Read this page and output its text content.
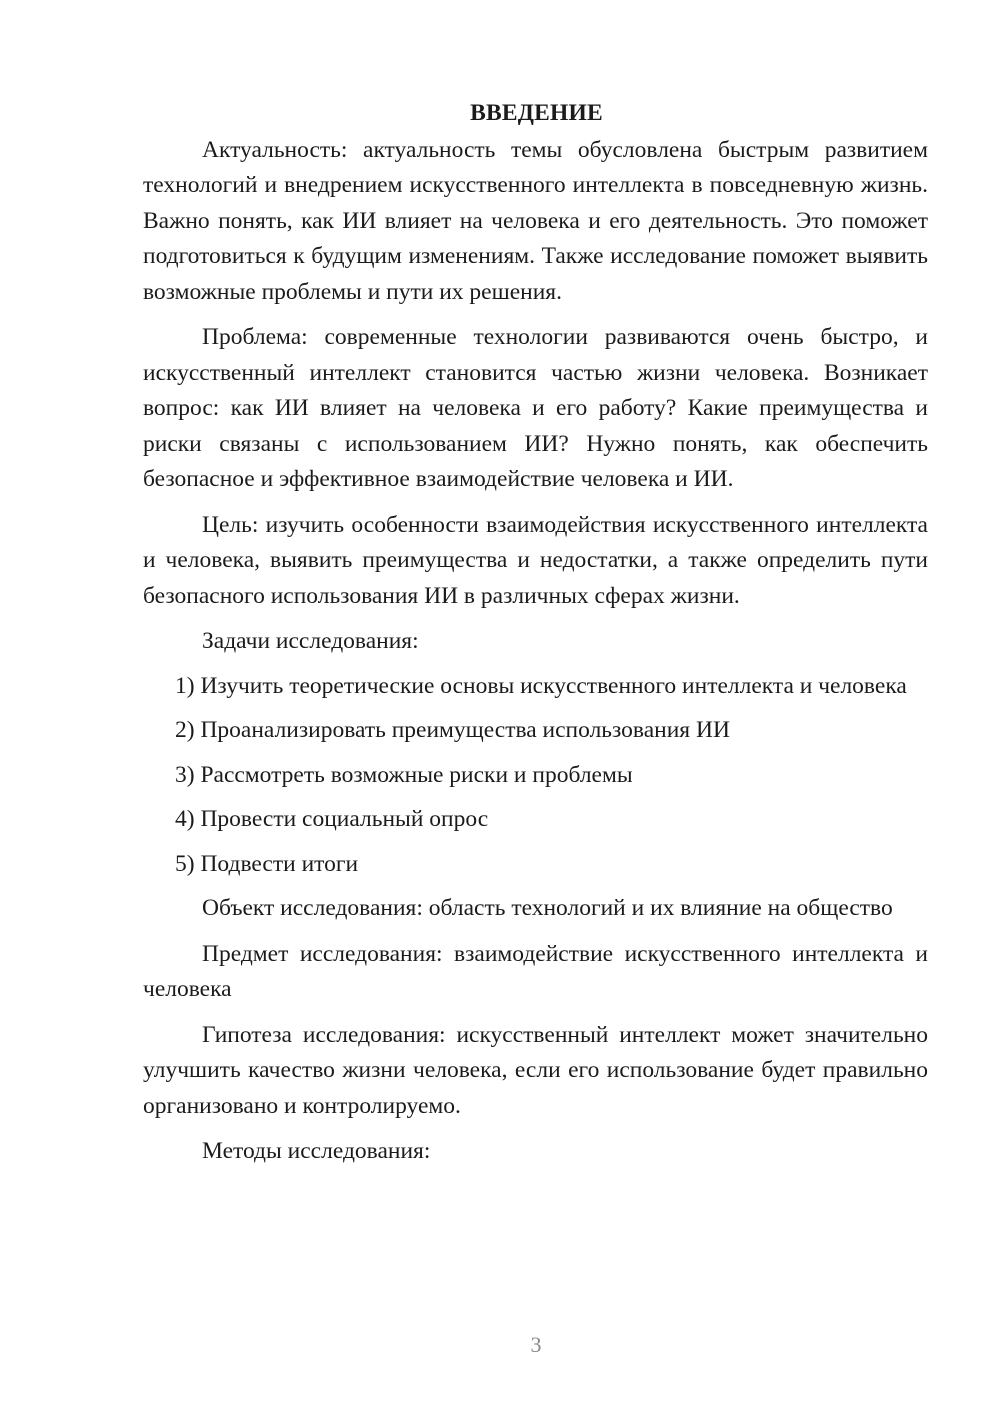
ВВЕДЕНИЕ

Актуальность: актуальность темы обусловлена быстрым развитием технологий и внедрением искусственного интеллекта в повседневную жизнь. Важно понять, как ИИ влияет на человека и его деятельность. Это поможет подготовиться к будущим изменениям. Также исследование поможет выявить возможные проблемы и пути их решения.

Проблема: современные технологии развиваются очень быстро, и искусственный интеллект становится частью жизни человека. Возникает вопрос: как ИИ влияет на человека и его работу? Какие преимущества и риски связаны с использованием ИИ? Нужно понять, как обеспечить безопасное и эффективное взаимодействие человека и ИИ.

Цель: изучить особенности взаимодействия искусственного интеллекта и человека, выявить преимущества и недостатки, а также определить пути безопасного использования ИИ в различных сферах жизни.

Задачи исследования:

1) Изучить теоретические основы искусственного интеллекта и человека

2) Проанализировать преимущества использования ИИ

3) Рассмотреть возможные риски и проблемы

4) Провести социальный опрос

5) Подвести итоги

Объект исследования: область технологий и их влияние на общество

Предмет исследования: взаимодействие искусственного интеллекта и человека

Гипотеза исследования: искусственный интеллект может значительно улучшить качество жизни человека, если его использование будет правильно организовано и контролируемо.

Методы исследования:

3
